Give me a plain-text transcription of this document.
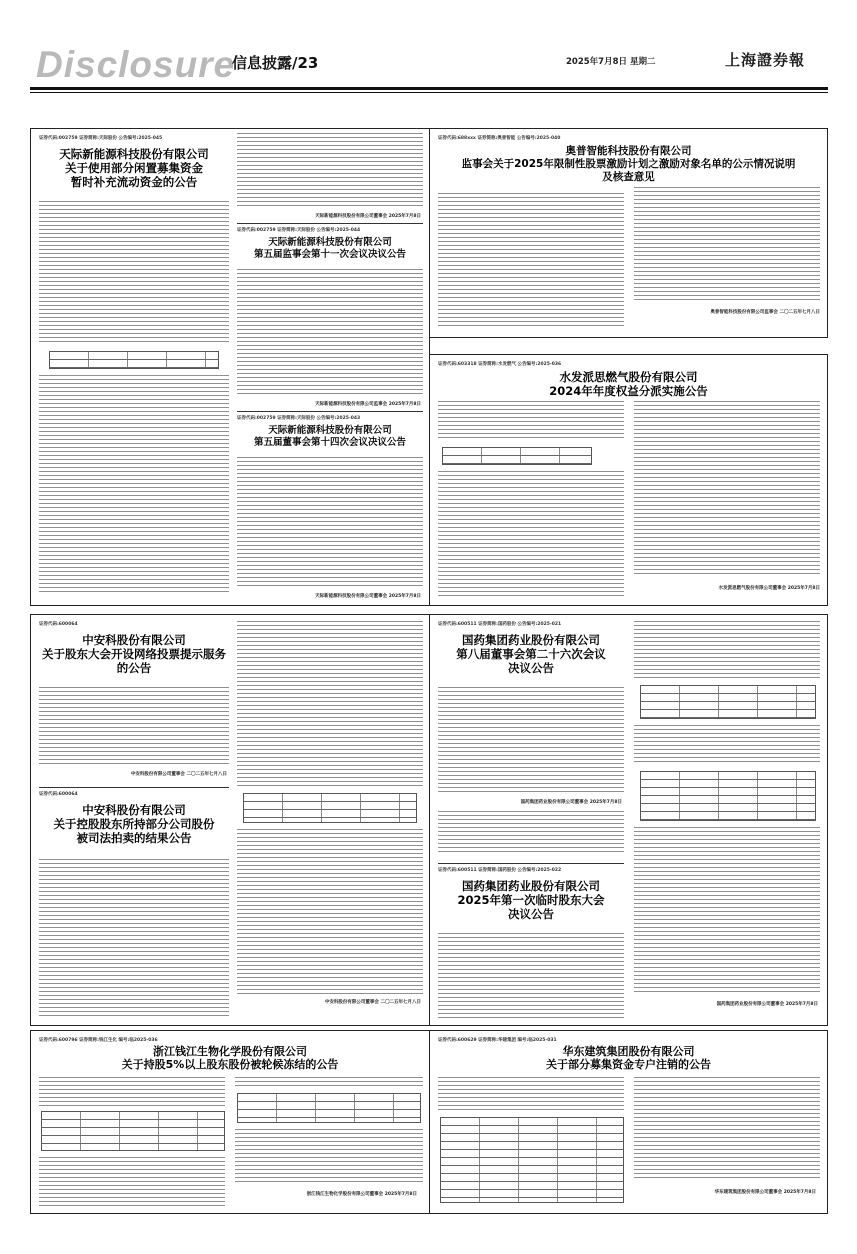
Disclosure
信息披露/23	2025年7月8日 星期二	上海證券報
证券代码:002759 证券简称:天际股份 公告编号:2025-045
天际新能源科技股份有限公司
关于使用部分闲置募集资金
暂时补充流动资金的公告
天际新能源科技股份有限公司董事会 2025年7月8日
证券代码:002759 证券简称:天际股份 公告编号:2025-044
天际新能源科技股份有限公司
第五届监事会第十一次会议决议公告
天际新能源科技股份有限公司监事会 2025年7月8日
证券代码:002759 证券简称:天际股份 公告编号:2025-043
天际新能源科技股份有限公司
第五届董事会第十四次会议决议公告
天际新能源科技股份有限公司董事会 2025年7月8日
证券代码:688xxx 证券简称:奥普智能 公告编号:2025-040
奥普智能科技股份有限公司
监事会关于2025年限制性股票激励计划之激励对象名单的公示情况说明
及核查意见
奥普智能科技股份有限公司监事会 二〇二五年七月八日
证券代码:603318 证券简称:水发燃气 公告编号:2025-036
水发派思燃气股份有限公司
2024年年度权益分派实施公告
水发派思燃气股份有限公司董事会 2025年7月8日
证券代码:600064
中安科股份有限公司
关于股东大会开设网络投票提示服务
的公告
中安科股份有限公司董事会 二〇二五年七月八日
证券代码:600064
中安科股份有限公司
关于控股股东所持部分公司股份
被司法拍卖的结果公告
中安科股份有限公司董事会 二〇二五年七月八日
证券代码:600511 证券简称:国药股份 公告编号:2025-021
国药集团药业股份有限公司
第八届董事会第二十六次会议
决议公告
国药集团药业股份有限公司董事会 2025年7月8日
证券代码:600511 证券简称:国药股份 公告编号:2025-022
国药集团药业股份有限公司
2025年第一次临时股东大会
决议公告
国药集团药业股份有限公司董事会 2025年7月8日
证券代码:600796 证券简称:钱江生化 编号:临2025-036
浙江钱江生物化学股份有限公司
关于持股5%以上股东股份被轮候冻结的公告
浙江钱江生物化学股份有限公司董事会 2025年7月8日
证券代码:600629 证券简称:华建集团 编号:临2025-031
华东建筑集团股份有限公司
关于部分募集资金专户注销的公告
华东建筑集团股份有限公司董事会 2025年7月8日
